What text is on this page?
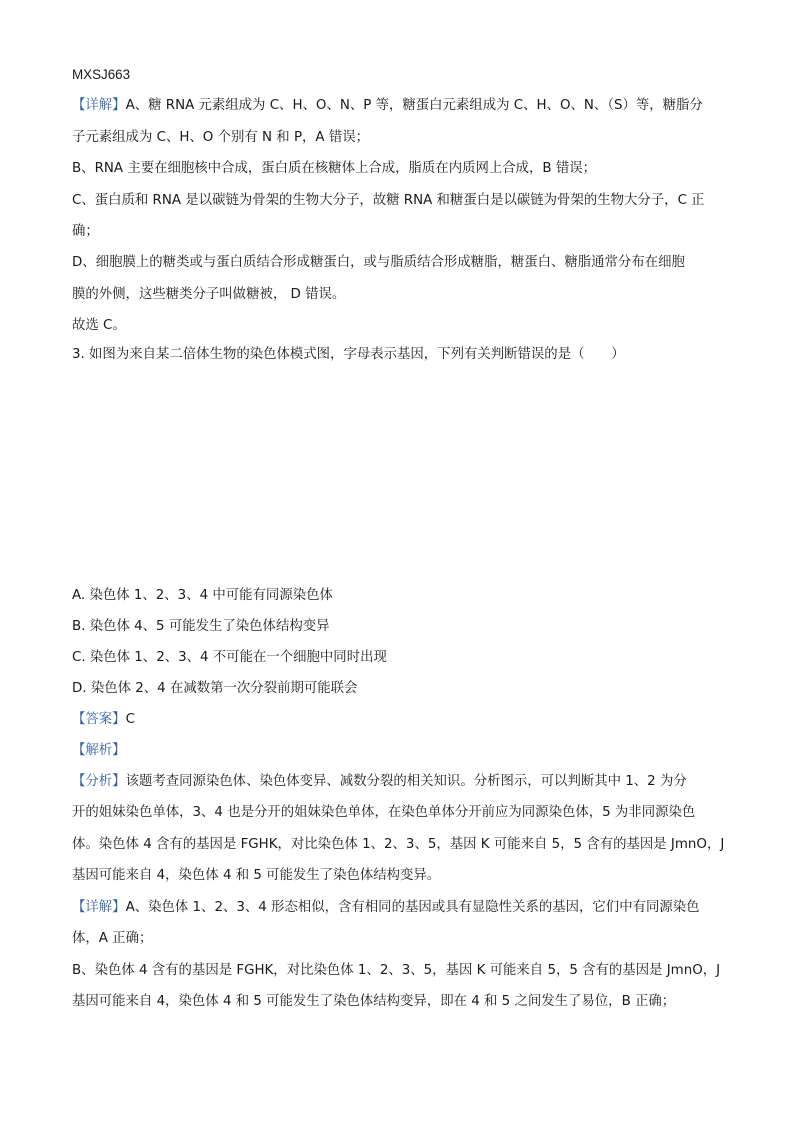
MXSJ663
【详解】A、糖 RNA 元素组成为 C、H、O、N、P 等，糖蛋白元素组成为 C、H、O、N、（S）等，糖脂分
子元素组成为 C、H、O 个别有 N 和 P，A 错误；
B、RNA 主要在细胞核中合成，蛋白质在核糖体上合成，脂质在内质网上合成，B 错误；
C、蛋白质和 RNA 是以碳链为骨架的生物大分子，故糖 RNA 和糖蛋白是以碳链为骨架的生物大分子，C 正
确；
D、细胞膜上的糖类或与蛋白质结合形成糖蛋白，或与脂质结合形成糖脂，糖蛋白、糖脂通常分布在细胞
膜的外侧，这些糖类分子叫做糖被， D 错误。
故选 C。
3. 如图为来自某二倍体生物的染色体模式图，字母表示基因，下列有关判断错误的是（　　）
A. 染色体 1、2、3、4 中可能有同源染色体
B. 染色体 4、5 可能发生了染色体结构变异
C. 染色体 1、2、3、4 不可能在一个细胞中同时出现
D. 染色体 2、4 在减数第一次分裂前期可能联会
【答案】C
【解析】
【分析】该题考查同源染色体、染色体变异、减数分裂的相关知识。分析图示，可以判断其中 1、2 为分
开的姐妹染色单体，3、4 也是分开的姐妹染色单体，在染色单体分开前应为同源染色体，5 为非同源染色
体。染色体 4 含有的基因是 FGHK，对比染色体 1、2、3、5，基因 K 可能来自 5，5 含有的基因是 JmnO，J
基因可能来自 4，染色体 4 和 5 可能发生了染色体结构变异。
【详解】A、染色体 1、2、3、4 形态相似，含有相同的基因或具有显隐性关系的基因，它们中有同源染色
体，A 正确；
B、染色体 4 含有的基因是 FGHK，对比染色体 1、2、3、5，基因 K 可能来自 5，5 含有的基因是 JmnO，J
基因可能来自 4，染色体 4 和 5 可能发生了染色体结构变异，即在 4 和 5 之间发生了易位，B 正确；
